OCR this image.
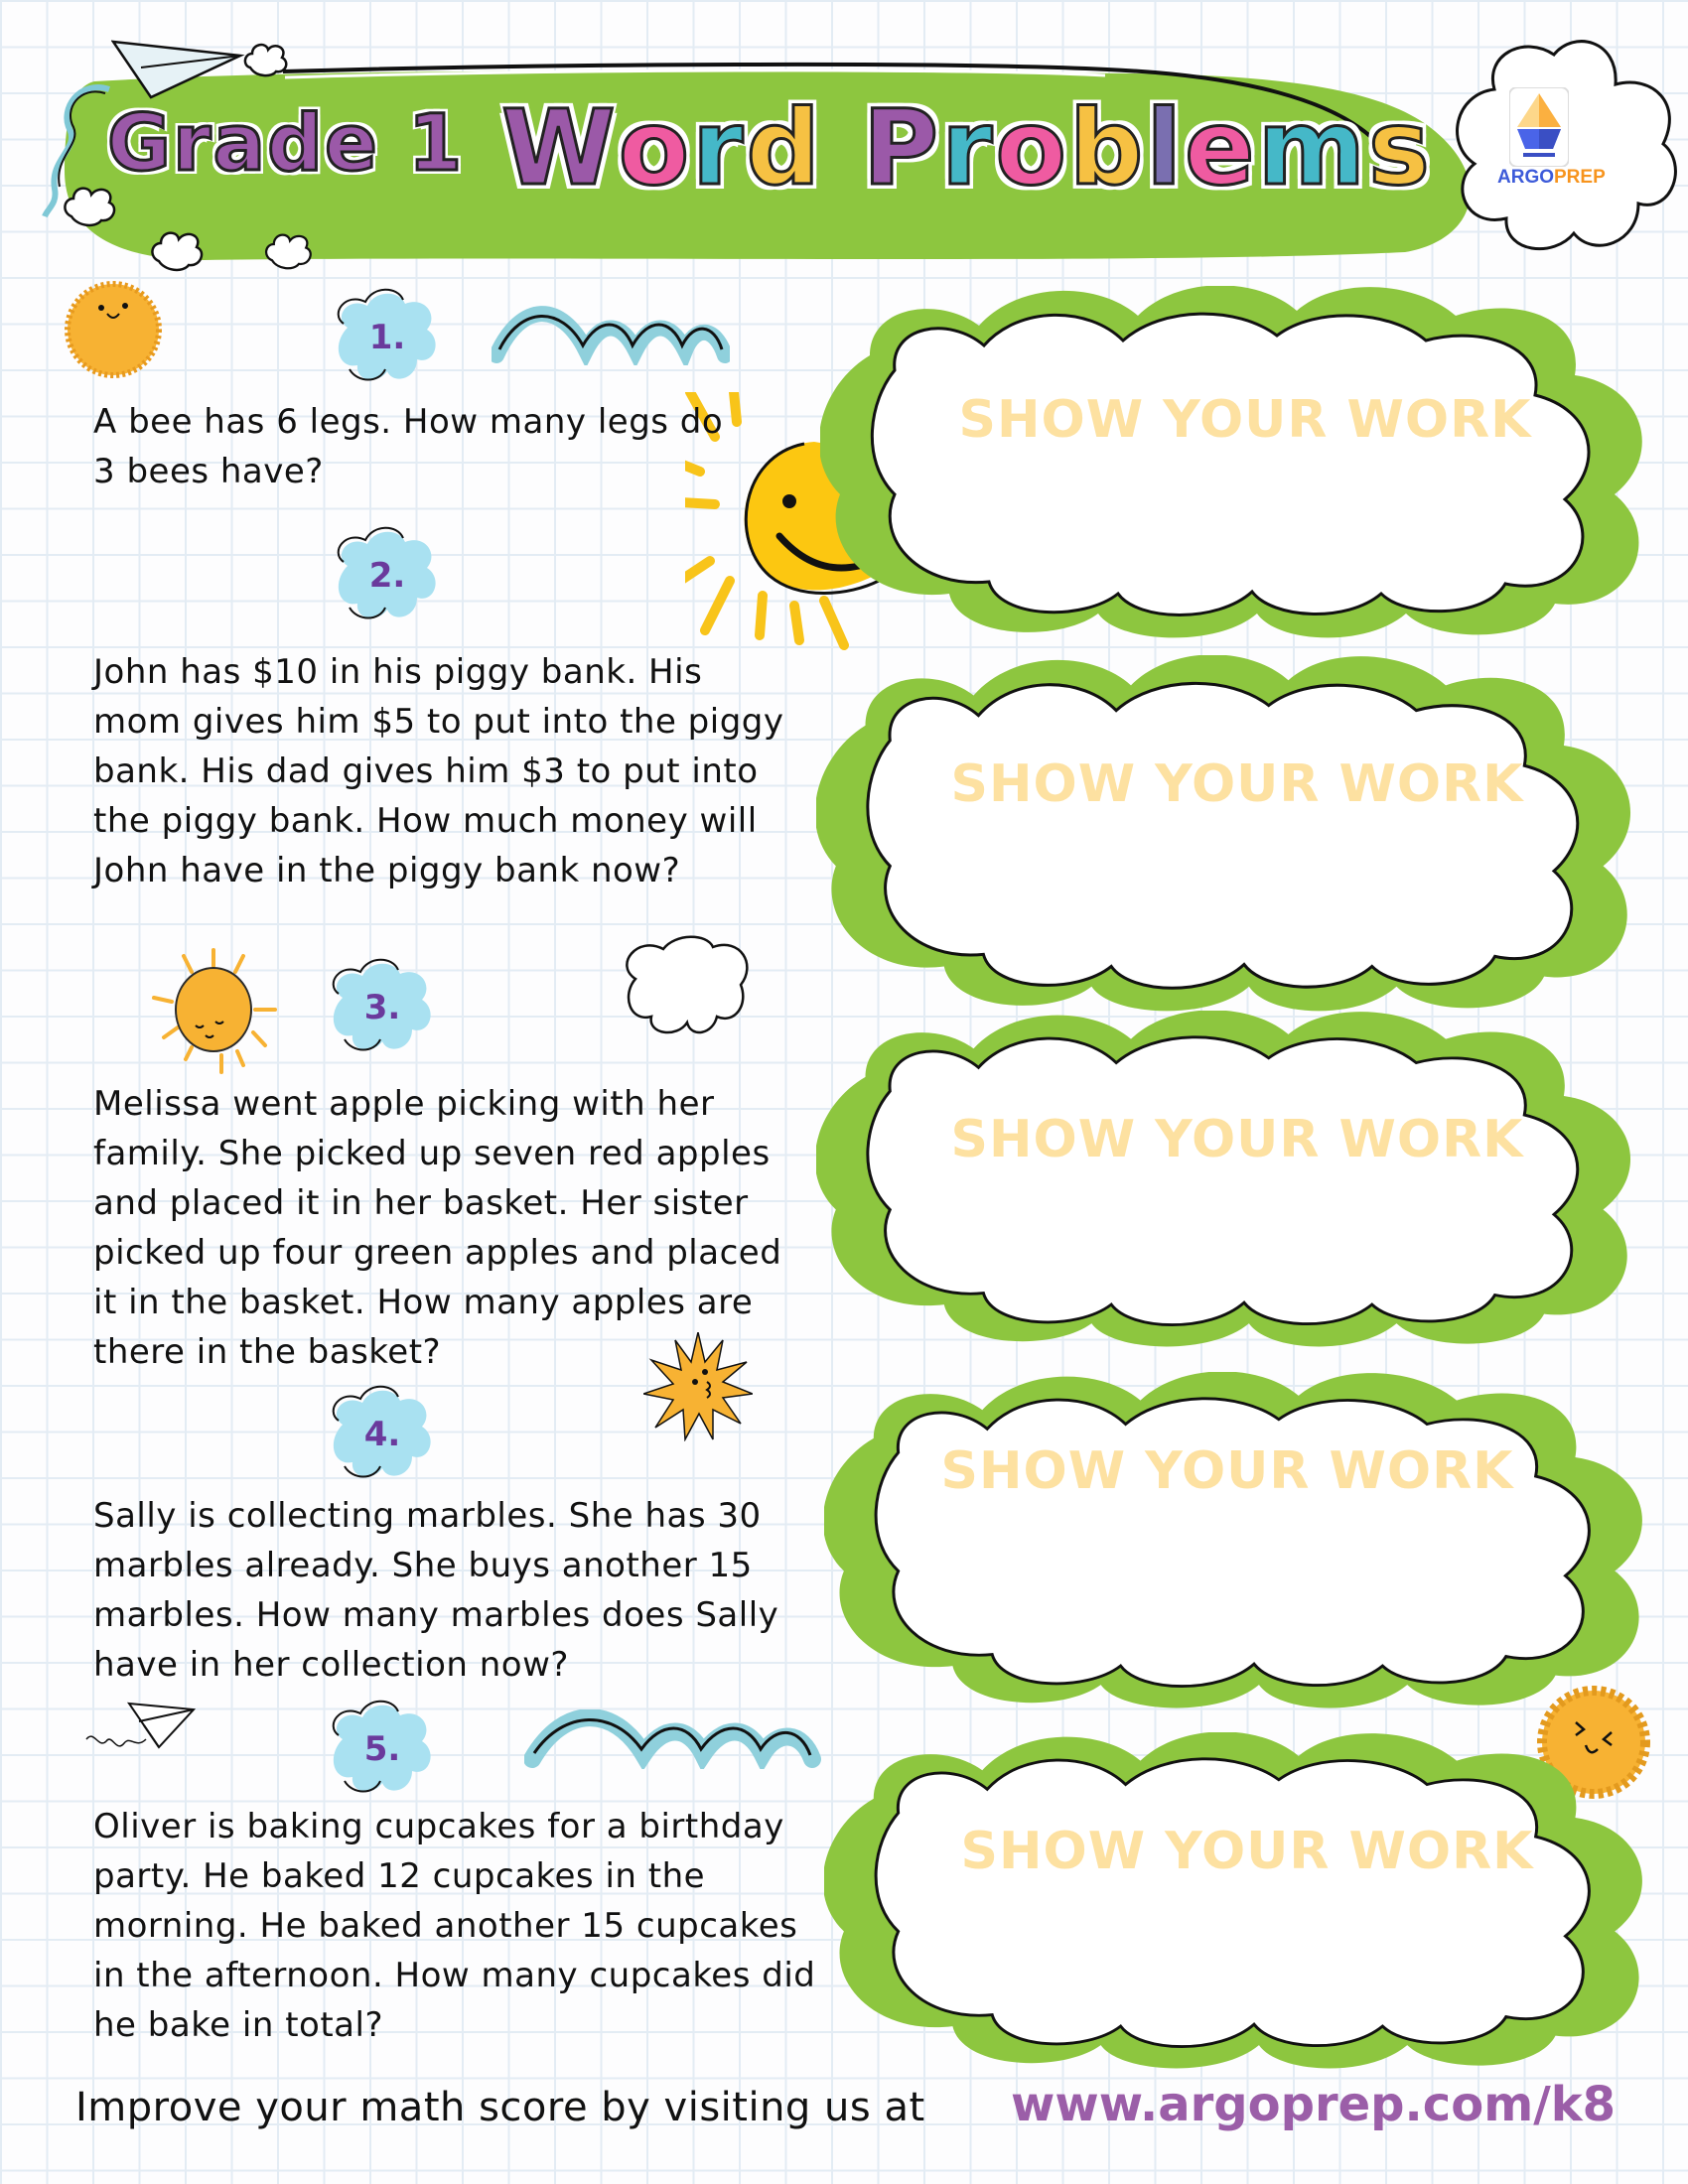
Grade 1 Word Problems	ARGOPREP
1.
2.
3.
4.
5.
A bee has 6 legs. How many legs do 3 bees have?
John has $10 in his piggy bank. His mom gives him $5 to put into the piggy bank. His dad gives him $3 to put into the piggy bank. How much money will John have in the piggy bank now?
Melissa went apple picking with her family. She picked up seven red apples and placed it in her basket. Her sister picked up four green apples and placed it in the basket. How many apples are there in the basket?
Sally is collecting marbles. She has 30 marbles already. She buys another 15 marbles. How many marbles does Sally have in her collection now?
Oliver is baking cupcakes for a birthday party. He baked 12 cupcakes in the morning. He baked another 15 cupcakes in the afternoon. How many cupcakes did he bake in total?
SHOW YOUR WORK
SHOW YOUR WORK
SHOW YOUR WORK
SHOW YOUR WORK
SHOW YOUR WORK
Improve your math score by visiting us at www.argoprep.com/k8
